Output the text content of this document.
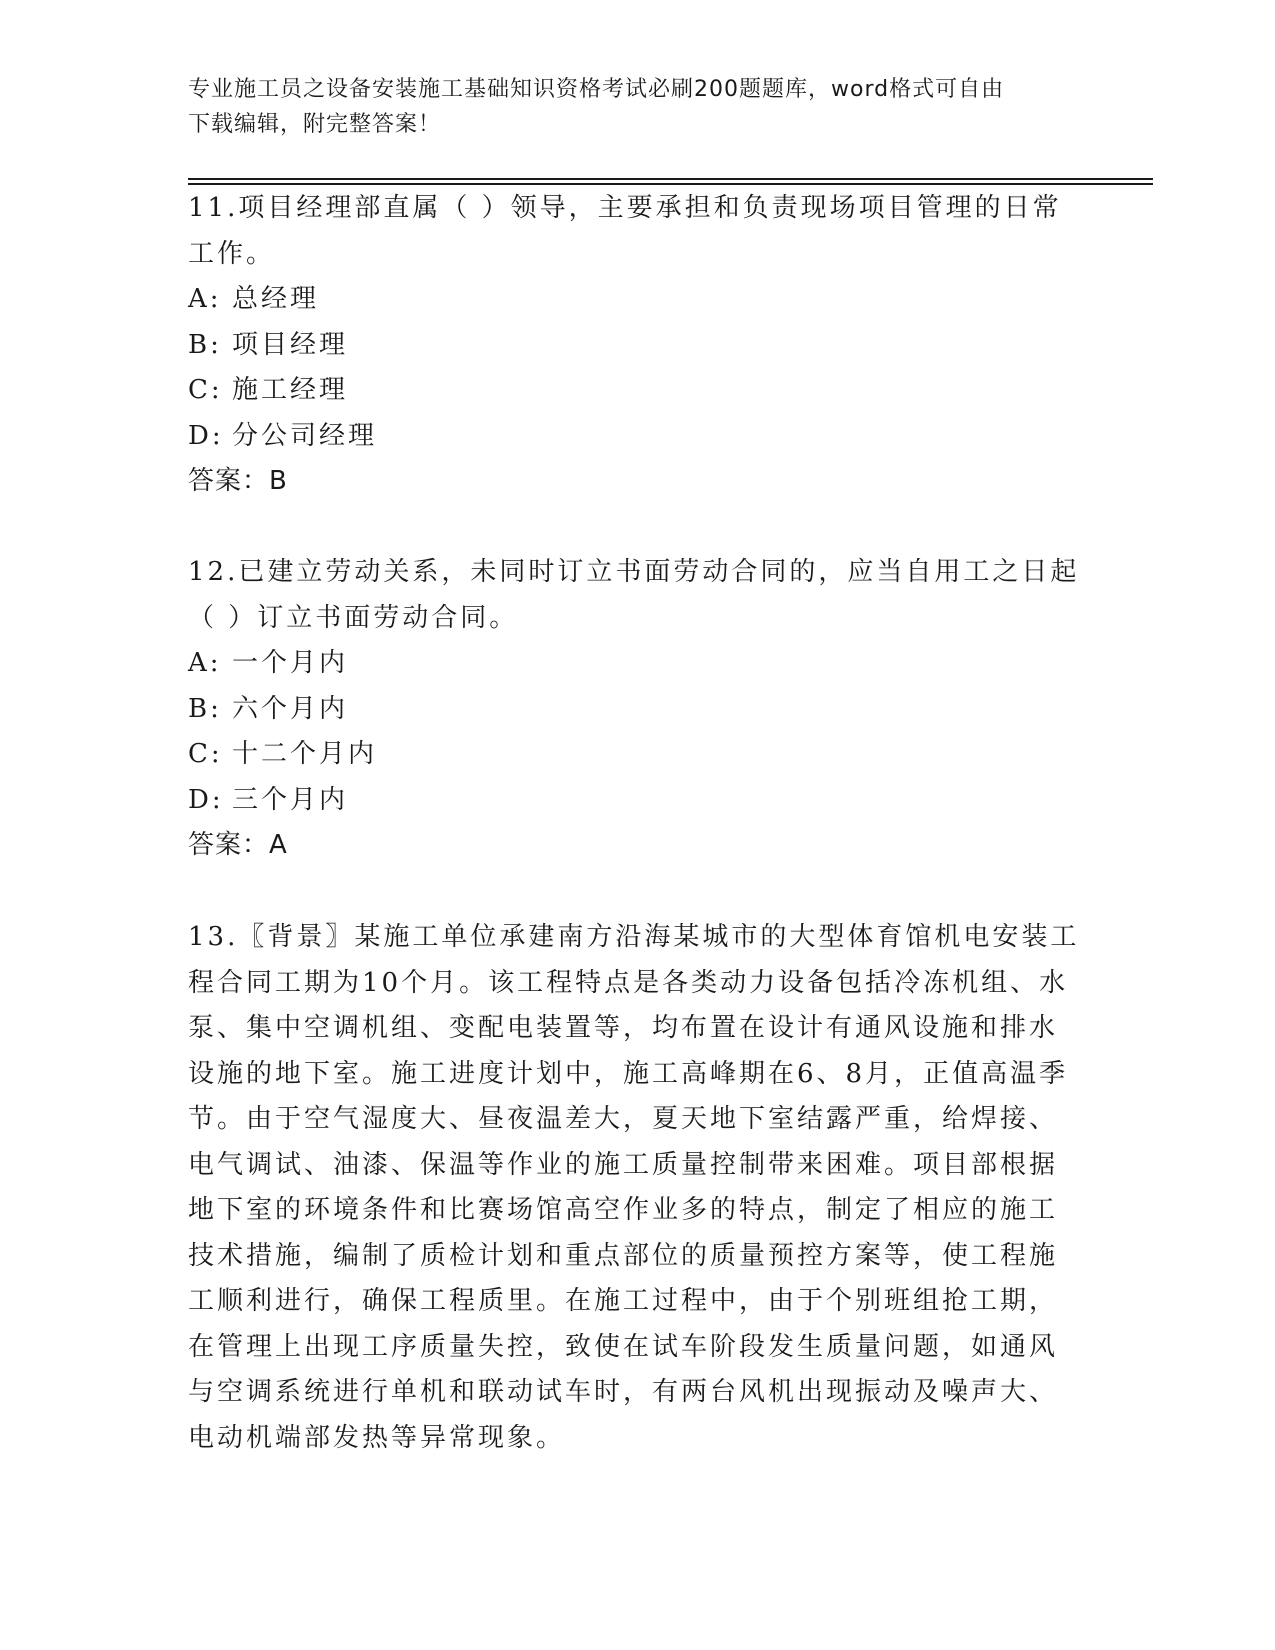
专业施工员之设备安装施工基础知识资格考试必刷200题题库，word格式可自由
下载编辑，附完整答案！
11.项目经理部直属（ ）领导，主要承担和负责现场项目管理的日常
工作。
A: 总经理
B: 项目经理
C: 施工经理
D: 分公司经理
答案：B
12.已建立劳动关系，未同时订立书面劳动合同的，应当自用工之日起
（ ）订立书面劳动合同。
A: 一个月内
B: 六个月内
C: 十二个月内
D: 三个月内
答案：A
13.〖背景〗某施工单位承建南方沿海某城市的大型体育馆机电安装工
程合同工期为10个月。该工程特点是各类动力设备包括冷冻机组、水
泵、集中空调机组、变配电装置等，均布置在设计有通风设施和排水
设施的地下室。施工进度计划中，施工高峰期在6、8月，正值高温季
节。由于空气湿度大、昼夜温差大，夏天地下室结露严重，给焊接、
电气调试、油漆、保温等作业的施工质量控制带来困难。项目部根据
地下室的环境条件和比赛场馆高空作业多的特点，制定了相应的施工
技术措施，编制了质检计划和重点部位的质量预控方案等，使工程施
工顺利进行，确保工程质里。在施工过程中，由于个别班组抢工期，
在管理上出现工序质量失控，致使在试车阶段发生质量问题，如通风
与空调系统进行单机和联动试车时，有两台风机出现振动及噪声大、
电动机端部发热等异常现象。
